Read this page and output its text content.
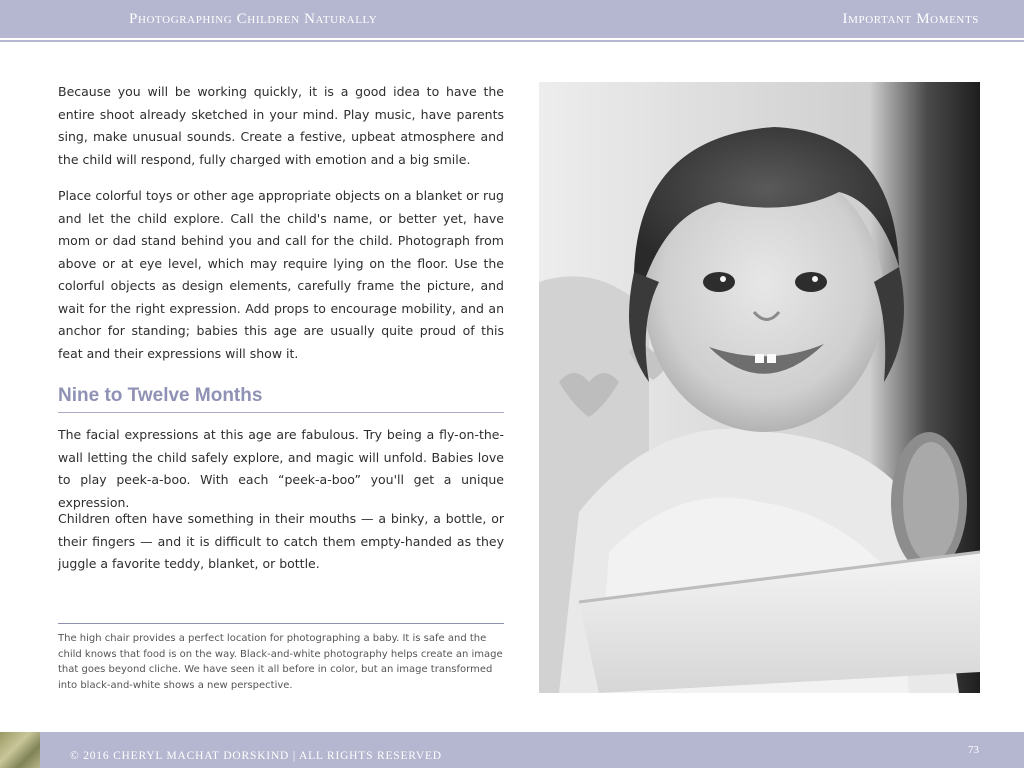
Photographing Children Naturally	Important Moments

Because you will be working quickly, it is a good idea to have the entire shoot already sketched in your mind. Play music, have parents sing, make unusual sounds. Create a festive, upbeat atmosphere and the child will respond, fully charged with emotion and a big smile.

Place colorful toys or other age appropriate objects on a blanket or rug and let the child explore. Call the child's name, or better yet, have mom or dad stand behind you and call for the child. Photograph from above or at eye level, which may require lying on the floor. Use the colorful objects as design elements, carefully frame the picture, and wait for the right expression. Add props to encourage mobility, and an anchor for standing; babies this age are usually quite proud of this feat and their expressions will show it.

Nine to Twelve Months

The facial expressions at this age are fabulous. Try being a fly-on-the-wall letting the child safely explore, and magic will unfold. Babies love to play peek-a-boo. With each “peek-a-boo” you'll get a unique expression.

Children often have something in their mouths — a binky, a bottle, or their fingers — and it is difficult to catch them empty-handed as they juggle a favorite teddy, blanket, or bottle.

The high chair provides a perfect location for photographing a baby. It is safe and the child knows that food is on the way. Black-and-white photography helps create an image that goes beyond cliche. We have seen it all before in color, but an image transformed into black-and-white shows a new perspective.

© 2016 CHERYL MACHAT DORSKIND | ALL RIGHTS RESERVED	73
